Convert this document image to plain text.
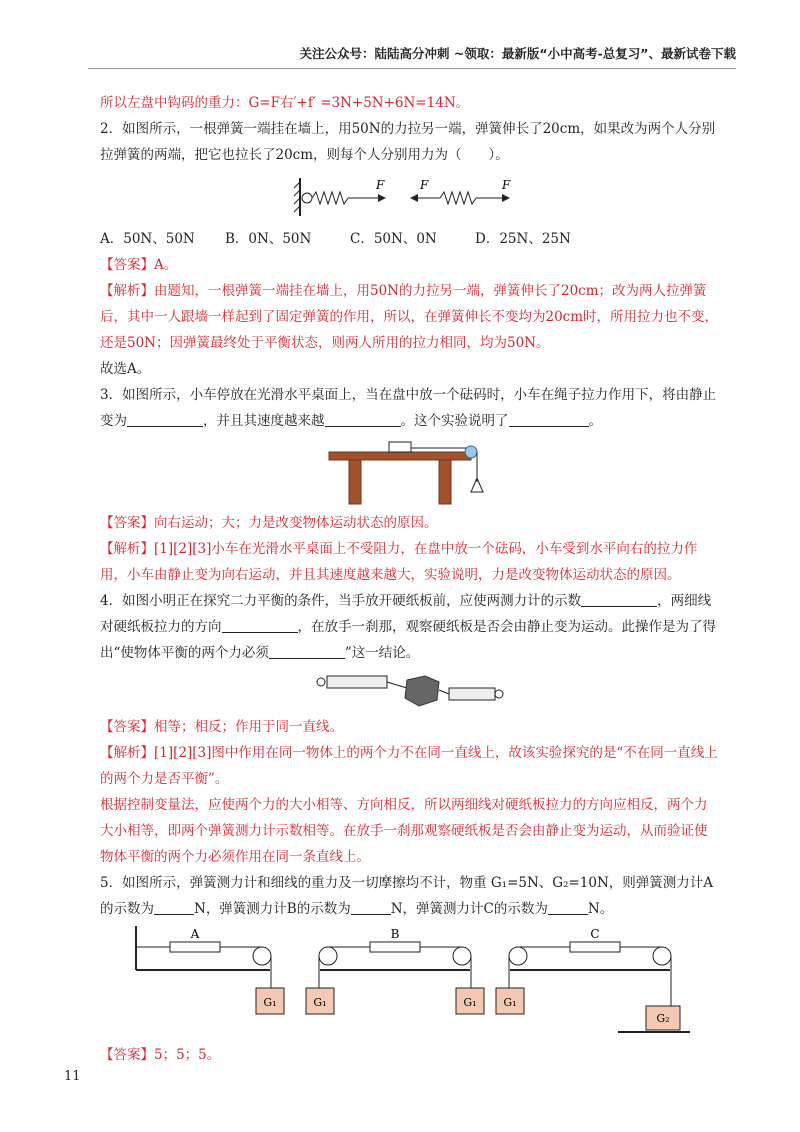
关注公众号：陆陆高分冲刺 ~领取：最新版“小中高考-总复习”、最新试卷下载

所以左盘中钩码的重力：G=F右′+f′ =3N+5N+6N=14N。

2．如图所示，一根弹簧一端挂在墙上，用50N的力拉另一端，弹簧伸长了20cm，如果改为两个人分别拉弹簧的两端，把它也拉长了20cm，则每个人分别用力为（　　）。

F	F	F
A．50N、50N	B．0N、50N	C．50N、0N	D．25N、25N

【答案】A。

【解析】由题知，一根弹簧一端挂在墙上，用50N的力拉另一端，弹簧伸长了20cm；改为两人拉弹簧后，其中一人跟墙一样起到了固定弹簧的作用，所以，在弹簧伸长不变均为20cm时，所用拉力也不变，还是50N；因弹簧最终处于平衡状态，则两人所用的拉力相同，均为50N。

故选A。

3．如图所示，小车停放在光滑水平桌面上，当在盘中放一个砝码时，小车在绳子拉力作用下，将由静止变为	，并且其速度越来越	。这个实验说明了	。

【答案】向右运动；大；力是改变物体运动状态的原因。

【解析】[1][2][3]小车在光滑水平桌面上不受阻力，在盘中放一个砝码，小车受到水平向右的拉力作用，小车由静止变为向右运动，并且其速度越来越大，实验说明，力是改变物体运动状态的原因。

4．如图小明正在探究二力平衡的条件，当手放开硬纸板前，应使两测力计的示数	，两细线对硬纸板拉力的方向	，在放手一刹那，观察硬纸板是否会由静止变为运动。此操作是为了得出“使物体平衡的两个力必须	”这一结论。

【答案】相等；相反；作用于同一直线。

【解析】[1][2][3]图中作用在同一物体上的两个力不在同一直线上，故该实验探究的是“不在同一直线上的两个力是否平衡”。

根据控制变量法，应使两个力的大小相等、方向相反，所以两细线对硬纸板拉力的方向应相反，两个力大小相等，即两个弹簧测力计示数相等。在放手一刹那观察硬纸板是否会由静止变为运动，从而验证使物体平衡的两个力必须作用在同一条直线上。

5．如图所示，弹簧测力计和细线的重力及一切摩擦均不计，物重 G₁=5N、G₂=10N，则弹簧测力计A的示数为	N，弹簧测力计B的示数为	N，弹簧测力计C的示数为	N。

G₁
A
G₁	G₁
B
G₁
G₂
C

【答案】5；5；5。

11
